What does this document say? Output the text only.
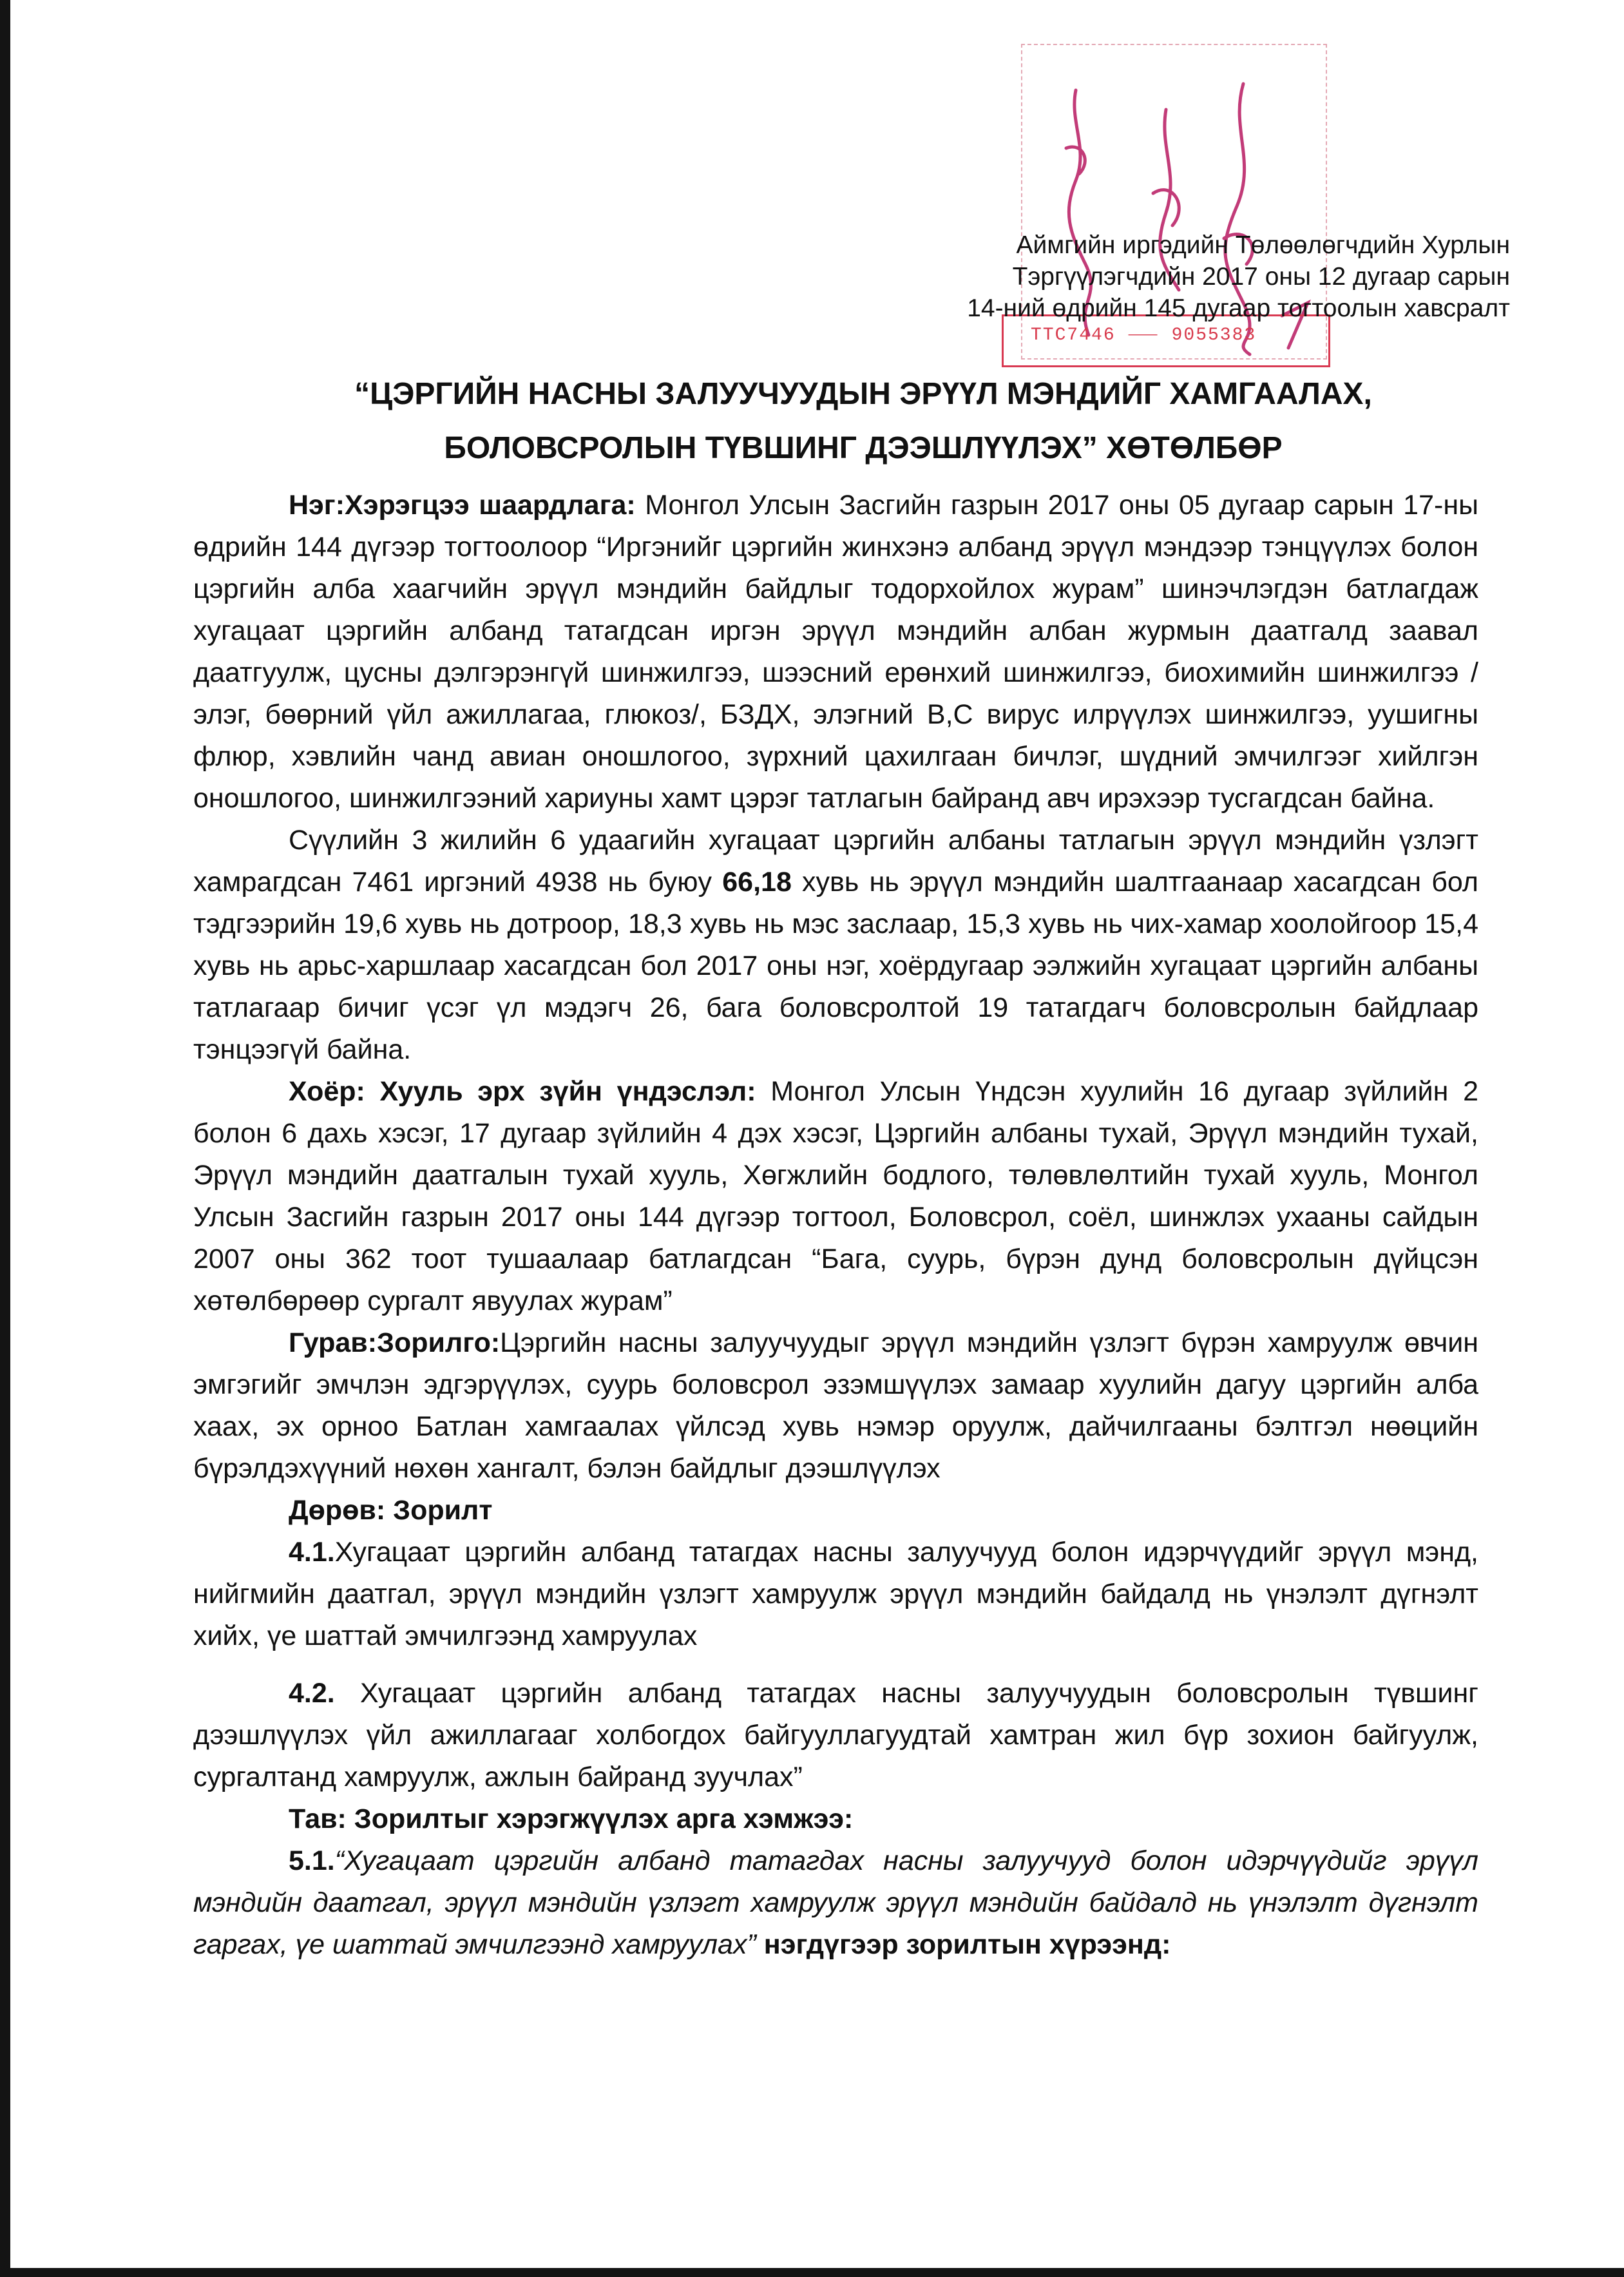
ТТС7446 ⸺ 9055383
Аймгийн иргэдийн Төлөөлөгчдийн Хурлын
Тэргүүлэгчдийн 2017 оны 12 дугаар сарын
14-ний өдрийн 145 дугаар тогтоолын хавсралт
“ЦЭРГИЙН НАСНЫ ЗАЛУУЧУУДЫН ЭРҮҮЛ МЭНДИЙГ ХАМГААЛАХ,
БОЛОВСРОЛЫН ТҮВШИНГ ДЭЭШЛҮҮЛЭХ” ХӨТӨЛБӨР

Нэг:Хэрэгцээ шаардлага: Монгол Улсын Засгийн газрын 2017 оны 05 дугаар сарын 17-ны өдрийн 144 дүгээр тогтоолоор “Иргэнийг цэргийн жинхэнэ албанд эрүүл мэндээр тэнцүүлэх болон цэргийн алба хаагчийн эрүүл мэндийн байдлыг тодорхойлох журам” шинэчлэгдэн батлагдаж хугацаат цэргийн албанд татагдсан иргэн эрүүл мэндийн албан журмын даатгалд заавал даатгуулж, цусны дэлгэрэнгүй шинжилгээ, шээсний ерөнхий шинжилгээ, биохимийн шинжилгээ /элэг, бөөрний үйл ажиллагаа, глюкоз/, БЗДХ, элэгний В,С вирус илрүүлэх шинжилгээ, уушигны флюр, хэвлийн чанд авиан оношлогоо, зүрхний цахилгаан бичлэг, шүдний эмчилгээг хийлгэн оношлогоо, шинжилгээний хариуны хамт цэрэг татлагын байранд авч ирэхээр тусгагдсан байна.

Сүүлийн 3 жилийн 6 удаагийн хугацаат цэргийн албаны татлагын эрүүл мэндийн үзлэгт хамрагдсан 7461 иргэний 4938 нь буюу 66,18 хувь нь эрүүл мэндийн шалтгаанаар хасагдсан бол тэдгээрийн 19,6 хувь нь дотроор, 18,3 хувь нь мэс заслаар, 15,3 хувь нь чих-хамар хоолойгоор 15,4 хувь нь арьс-харшлаар хасагдсан бол 2017 оны нэг, хоёрдугаар ээлжийн хугацаат цэргийн албаны татлагаар бичиг үсэг үл мэдэгч 26, бага боловсролтой 19 татагдагч боловсролын байдлаар тэнцээгүй байна.

Хоёр: Хууль эрх зүйн үндэслэл: Монгол Улсын Үндсэн хуулийн 16 дугаар зүйлийн 2 болон 6 дахь хэсэг, 17 дугаар зүйлийн 4 дэх хэсэг, Цэргийн албаны тухай, Эрүүл мэндийн тухай, Эрүүл мэндийн даатгалын тухай хууль, Хөгжлийн бодлого, төлөвлөлтийн тухай хууль, Монгол Улсын Засгийн газрын 2017 оны 144 дүгээр тогтоол, Боловсрол, соёл, шинжлэх ухааны сайдын 2007 оны 362 тоот тушаалаар батлагдсан “Бага, суурь, бүрэн дунд боловсролын дүйцсэн хөтөлбөрөөр сургалт явуулах журам”

Гурав:Зорилго:Цэргийн насны залуучуудыг эрүүл мэндийн үзлэгт бүрэн хамруулж өвчин эмгэгийг эмчлэн эдгэрүүлэх, суурь боловсрол эзэмшүүлэх замаар хуулийн дагуу цэргийн алба хаах, эх орноо Батлан хамгаалах үйлсэд хувь нэмэр оруулж, дайчилгааны бэлтгэл нөөцийн бүрэлдэхүүний нөхөн хангалт, бэлэн байдлыг дээшлүүлэх

Дөрөв: Зорилт

4.1.Хугацаат цэргийн албанд татагдах насны залуучууд болон идэрчүүдийг эрүүл мэнд, нийгмийн даатгал, эрүүл мэндийн үзлэгт хамруулж эрүүл мэндийн байдалд нь үнэлэлт дүгнэлт хийх, үе шаттай эмчилгээнд хамруулах

4.2. Хугацаат цэргийн албанд татагдах насны залуучуудын боловсролын түвшинг дээшлүүлэх үйл ажиллагааг холбогдох байгууллагуудтай хамтран жил бүр зохион байгуулж, сургалтанд хамруулж, ажлын байранд зуучлах”

Тав: Зорилтыг хэрэгжүүлэх арга хэмжээ:

5.1.“Хугацаат цэргийн албанд татагдах насны залуучууд болон идэрчүүдийг эрүүл мэндийн даатгал, эрүүл мэндийн үзлэгт хамруулж эрүүл мэндийн байдалд нь үнэлэлт дүгнэлт гаргах, үе шаттай эмчилгээнд хамруулах” нэгдүгээр зорилтын хүрээнд:
